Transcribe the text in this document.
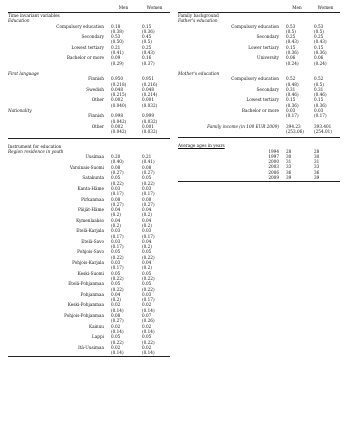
Men	Women
Time invariant variables
Education
Compulsory education	0.18	0.15
(0.38)	(0.36)
Secondary	0.53	0.45
(0.50)	(0.5)
Lowest tertiary	0.21	0.25
(0.41)	(0.43)
Bachelor or more	0.09	0.16
(0.29)	(0.37)
First language
Finnish	0.950	0.951
(0.218)	(0.216)
Swedish	0.048	0.048
(0.215)	(0.214)
Other	0.002	0.001
(0.040)	(0.032)
Nationality
Finnish	0.998	0.999
(0.042)	(0.032)
Other	0.002	0.001
(0.042)	(0.032)
Instrument for education
Region residence in youth
Uusimaa	0.20	0.21
(0.40)	(0.41)
Varsinais-Suomi	0.08	0.08
(0.27)	(0.27)
Satakunta	0.05	0.05
(0.22)	(0.22)
Kanta-Häme	0.03	0.03
(0.17)	(0.17)
Pirkanmaa	0.08	0.08
(0.27)	(0.27)
Päijät-Häme	0.04	0.04
(0.2)	(0.2)
Kymenlaakso	0.04	0.04
(0.2)	(0.2)
Etelä-Karjala	0.03	0.03
(0.17)	(0.17)
Etelä-Savo	0.03	0.04
(0.17)	(0.2)
Pohjois-Savo	0.05	0.05
(0.22)	(0.22)
Pohjois-Karjala	0.03	0.04
(0.17)	(0.2)
Keski-Suomi	0.05	0.05
(0.22)	(0.22)
Etelä-Pohjanmaa	0.05	0.05
(0.22)	(0.22)
Pohjanmaa	0.04	0.03
(0.2)	(0.17)
Keski-Pohjanmaa	0.02	0.02
(0.14)	(0.14)
Pohjois-Pohjanmaa	0.08	0.07
(0.27)	(0.26)
Kainuu	0.02	0.02
(0.14)	(0.14)
Lappi	0.05	0.05
(0.22)	(0.22)
Itä-Uusimaa	0.02	0.02
(0.14)	(0.14)
Men	Women
Family background
Father's education
Compulsory education	0.53	0.53
(0.5)	(0.5)
Secondary	0.25	0.25
(0.43)	(0.43)
Lower tertiary	0.15	0.15
(0.36)	(0.36)
University	0.06	0.06
(0.24)	(0.24)
Mother's education
Compulsory education	0.52	0.52
(0.48)	(0.5)
Secondary	0.31	0.31
(0.46)	(0.46)
Lowest tertiary	0.15	0.15
(0.36)	(0.36)
Bachelor or more	0.03	0.03
(0.17)	(0.17)
Family income (in 100 EUR 2009)	394.23	393.401
(253.06)	(254.01)
Average ages in years
1994	28	28
1997	30	30
2000	31	31
2003	33	33
2006	36	36
2009	39	39
